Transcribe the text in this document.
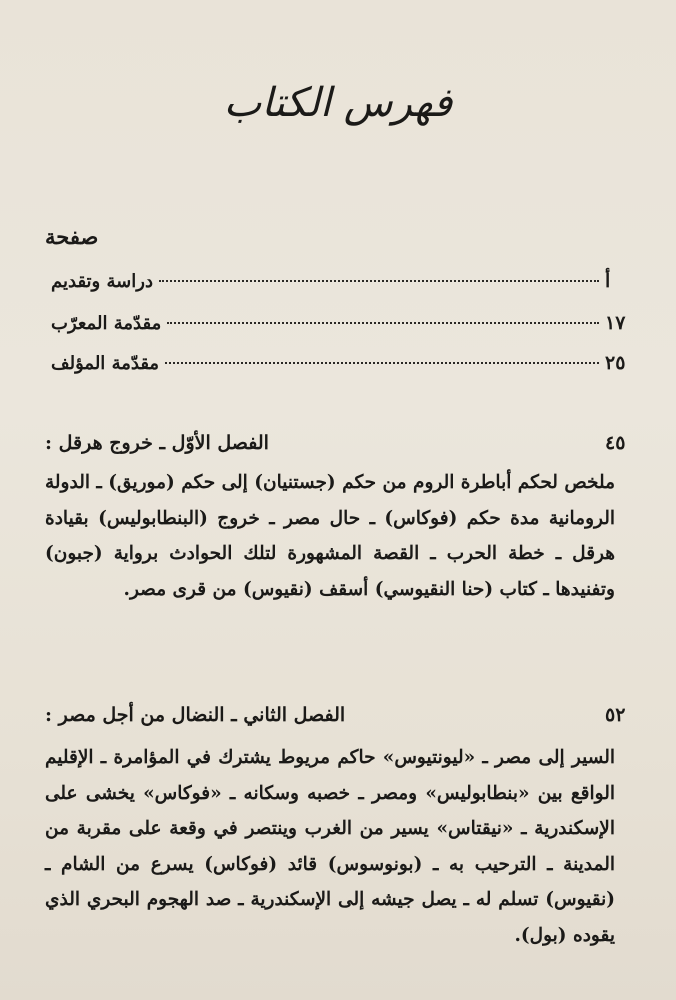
فهرس الكتاب
صفحة
دراسة وتقديم	أ
مقدّمة المعرّب	١٧
مقدّمة المؤلف	٢٥
الفصل الأوّل ـ خروج هرقل :	٤٥

ملخص لحكم أباطرة الروم من حكم (جستنيان) إلى حكم (موريق) ـ الدولة الرومانية مدة حكم (فوكاس) ـ حال مصر ـ خروج (البنطابوليس) بقيادة هرقل ـ خطة الحرب ـ القصة المشهورة لتلك الحوادث برواية (جبون) وتفنيدها ـ كتاب (حنا النقيوسي) أسقف (نقيوس) من قرى مصر.

الفصل الثاني ـ النضال من أجل مصر :	٥٢

السير إلى مصر ـ «ليونتيوس» حاكم مريوط يشترك في المؤامرة ـ الإقليم الواقع بين «بنطابوليس» ومصر ـ خصبه وسكانه ـ «فوكاس» يخشى على الإسكندرية ـ «نيقتاس» يسير من الغرب وينتصر في وقعة على مقربة من المدينة ـ الترحيب به ـ (بونوسوس) قائد (فوكاس) يسرع من الشام ـ (نقيوس) تسلم له ـ يصل جيشه إلى الإسكندرية ـ صد الهجوم البحري الذي يقوده (بول).
